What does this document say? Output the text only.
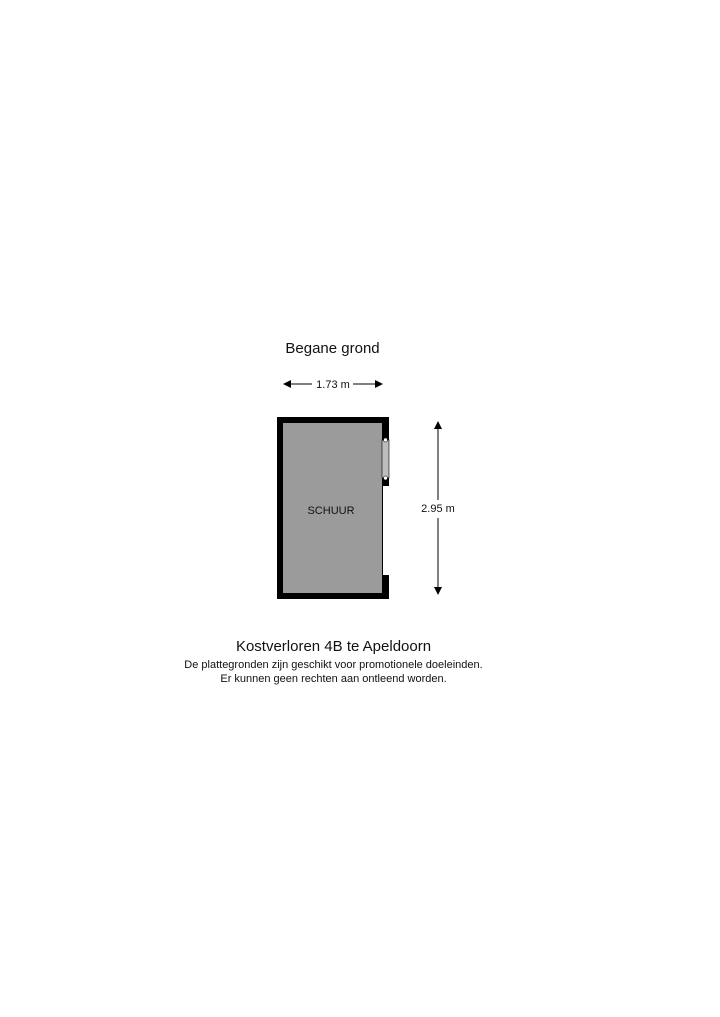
Begane grond
1.73 m
SCHUUR	2.95 m
Kostverloren 4B te Apeldoorn
De plattegronden zijn geschikt voor promotionele doeleinden.
Er kunnen geen rechten aan ontleend worden.
